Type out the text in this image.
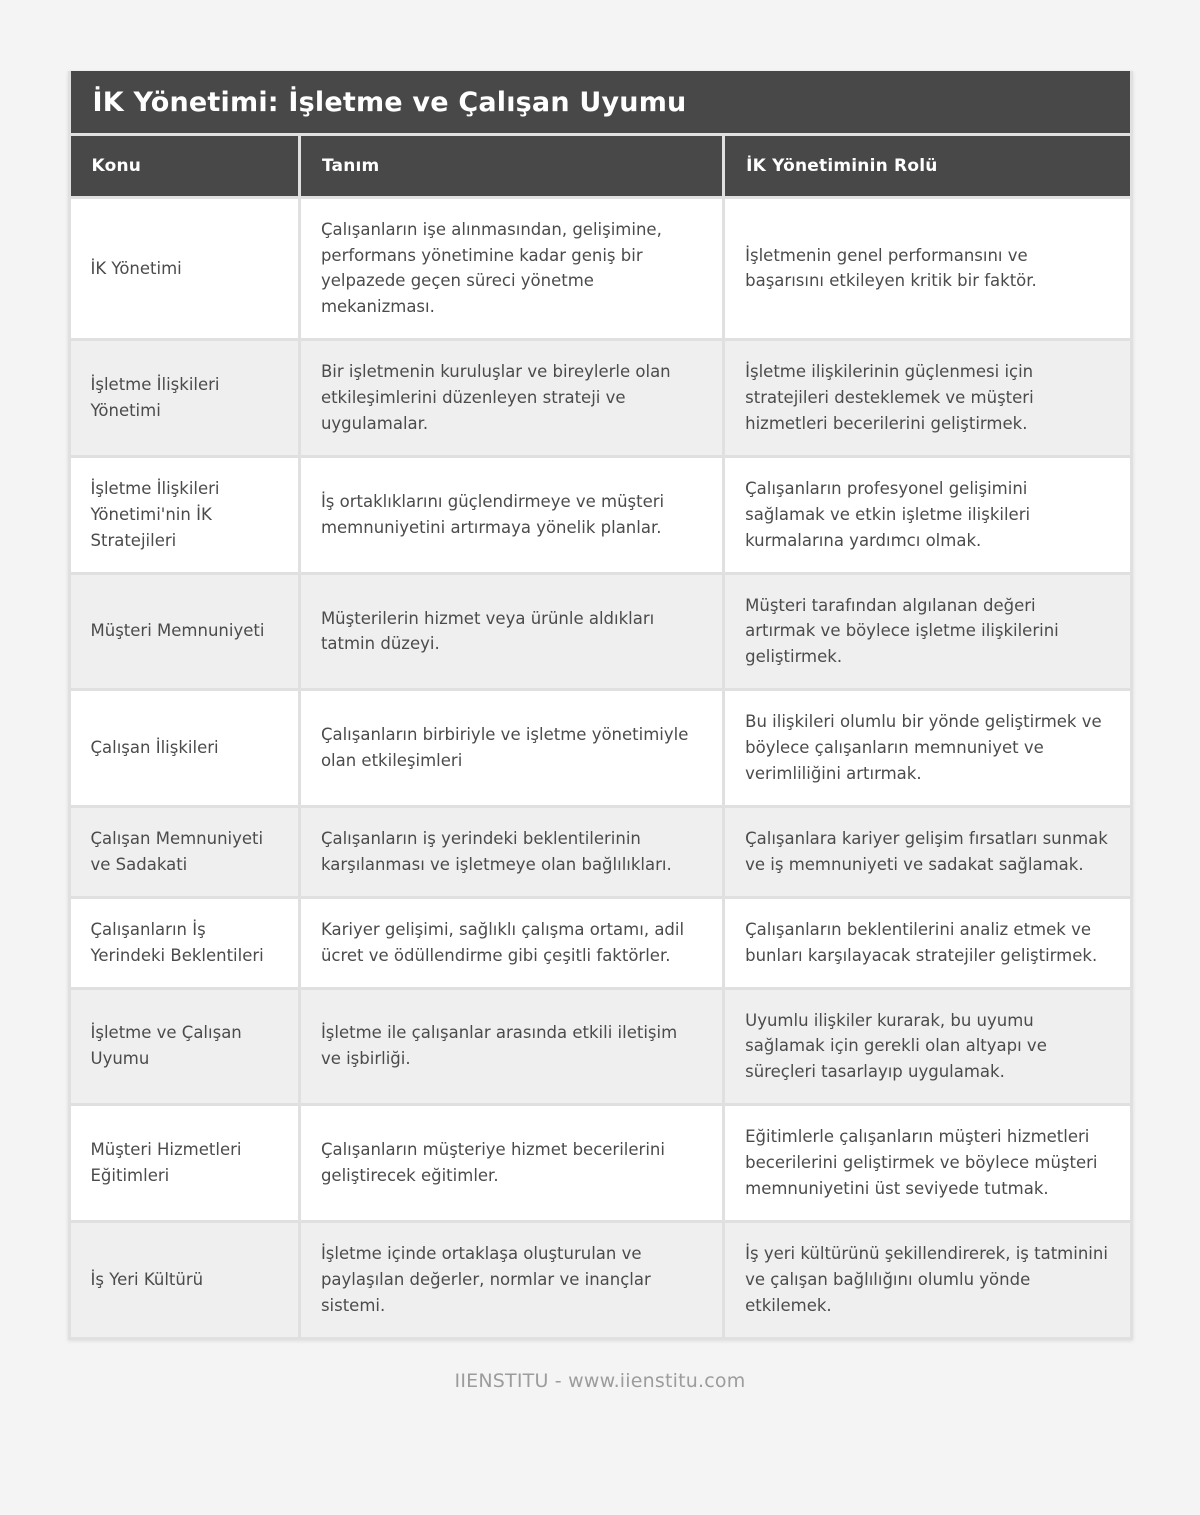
İK Yönetimi: İşletme ve Çalışan Uyumu
Konu	Tanım	İK Yönetiminin Rolü
İK Yönetimi	Çalışanların işe alınmasından, gelişimine, performans yönetimine kadar geniş bir yelpazede geçen süreci yönetme mekanizması.	İşletmenin genel performansını ve başarısını etkileyen kritik bir faktör.
İşletme İlişkileri Yönetimi	Bir işletmenin kuruluşlar ve bireylerle olan etkileşimlerini düzenleyen strateji ve uygulamalar.	İşletme ilişkilerinin güçlenmesi için stratejileri desteklemek ve müşteri hizmetleri becerilerini geliştirmek.
İşletme İlişkileri Yönetimi'nin İK Stratejileri	İş ortaklıklarını güçlendirmeye ve müşteri memnuniyetini artırmaya yönelik planlar.	Çalışanların profesyonel gelişimini sağlamak ve etkin işletme ilişkileri kurmalarına yardımcı olmak.
Müşteri Memnuniyeti	Müşterilerin hizmet veya ürünle aldıkları tatmin düzeyi.	Müşteri tarafından algılanan değeri artırmak ve böylece işletme ilişkilerini geliştirmek.
Çalışan İlişkileri	Çalışanların birbiriyle ve işletme yönetimiyle olan etkileşimleri	Bu ilişkileri olumlu bir yönde geliştirmek ve böylece çalışanların memnuniyet ve verimliliğini artırmak.
Çalışan Memnuniyeti ve Sadakati	Çalışanların iş yerindeki beklentilerinin karşılanması ve işletmeye olan bağlılıkları.	Çalışanlara kariyer gelişim fırsatları sunmak ve iş memnuniyeti ve sadakat sağlamak.
Çalışanların İş Yerindeki Beklentileri	Kariyer gelişimi, sağlıklı çalışma ortamı, adil ücret ve ödüllendirme gibi çeşitli faktörler.	Çalışanların beklentilerini analiz etmek ve bunları karşılayacak stratejiler geliştirmek.
İşletme ve Çalışan Uyumu	İşletme ile çalışanlar arasında etkili iletişim ve işbirliği.	Uyumlu ilişkiler kurarak, bu uyumu sağlamak için gerekli olan altyapı ve süreçleri tasarlayıp uygulamak.
Müşteri Hizmetleri Eğitimleri	Çalışanların müşteriye hizmet becerilerini geliştirecek eğitimler.	Eğitimlerle çalışanların müşteri hizmetleri becerilerini geliştirmek ve böylece müşteri memnuniyetini üst seviyede tutmak.
İş Yeri Kültürü	İşletme içinde ortaklaşa oluşturulan ve paylaşılan değerler, normlar ve inançlar sistemi.	İş yeri kültürünü şekillendirerek, iş tatminini ve çalışan bağlılığını olumlu yönde etkilemek.
IIENSTITU - www.iienstitu.com
